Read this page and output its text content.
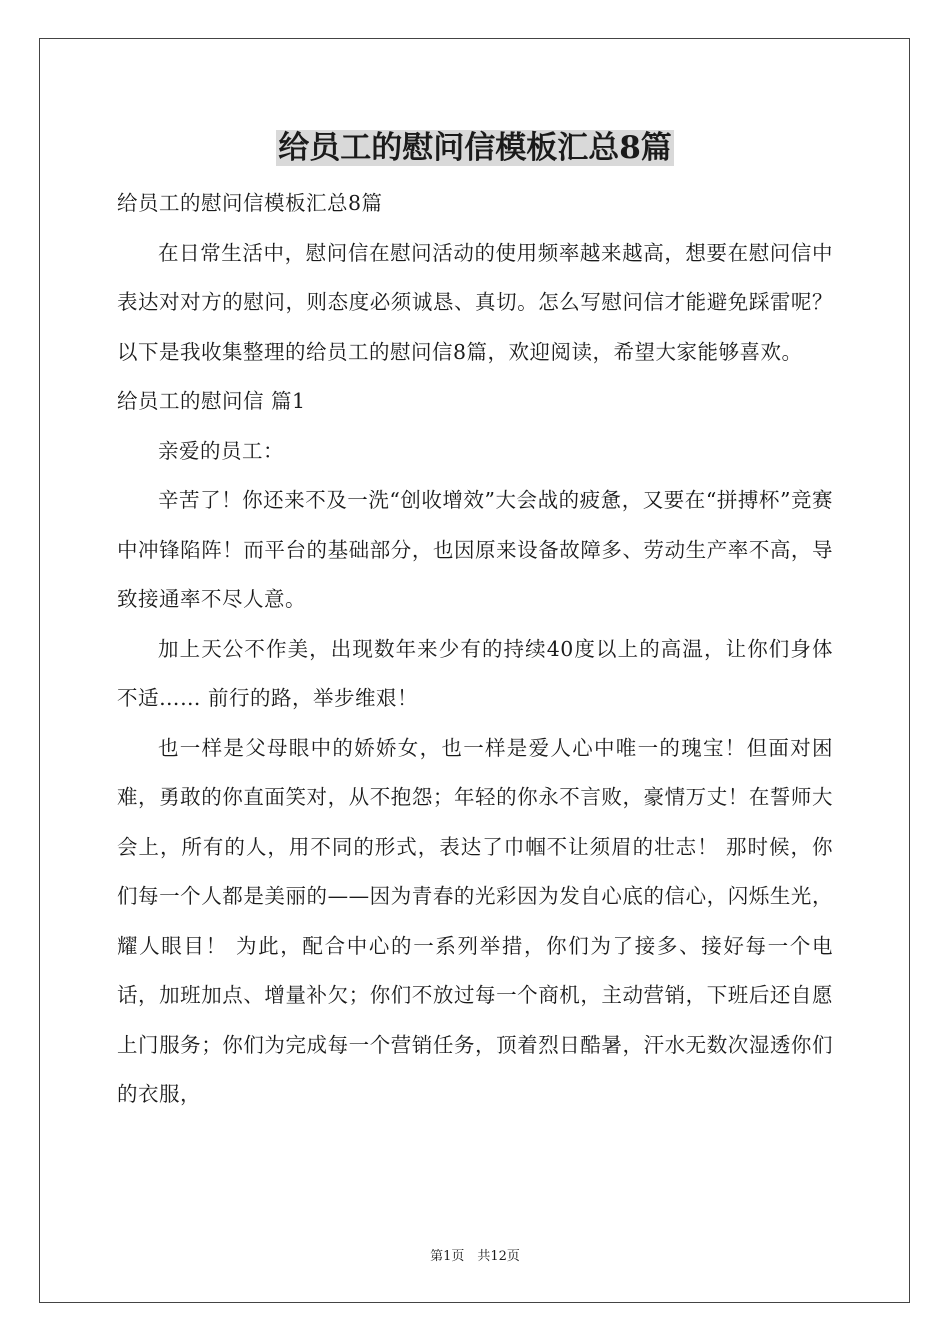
给员工的慰问信模板汇总8篇

给员工的慰问信模板汇总8篇

在日常生活中，慰问信在慰问活动的使用频率越来越高，想要在慰问信中表达对对方的慰问，则态度必须诚恳、真切。怎么写慰问信才能避免踩雷呢？以下是我收集整理的给员工的慰问信8篇，欢迎阅读，希望大家能够喜欢。

给员工的慰问信 篇1

亲爱的员工：

辛苦了！你还来不及一洗“创收增效”大会战的疲惫，又要在“拼搏杯”竞赛中冲锋陷阵！而平台的基础部分，也因原来设备故障多、劳动生产率不高，导致接通率不尽人意。

加上天公不作美，出现数年来少有的持续40度以上的高温，让你们身体不适…… 前行的路，举步维艰！

也一样是父母眼中的娇娇女，也一样是爱人心中唯一的瑰宝！但面对困难，勇敢的你直面笑对，从不抱怨；年轻的你永不言败，豪情万丈！在誓师大会上，所有的人，用不同的形式，表达了巾帼不让须眉的壮志！ 那时候，你们每一个人都是美丽的——因为青春的光彩因为发自心底的信心，闪烁生光，耀人眼目！ 为此，配合中心的一系列举措，你们为了接多、接好每一个电话，加班加点、增量补欠；你们不放过每一个商机，主动营销，下班后还自愿上门服务；你们为完成每一个营销任务，顶着烈日酷暑，汗水无数次湿透你们的衣服，

第1页　共12页
